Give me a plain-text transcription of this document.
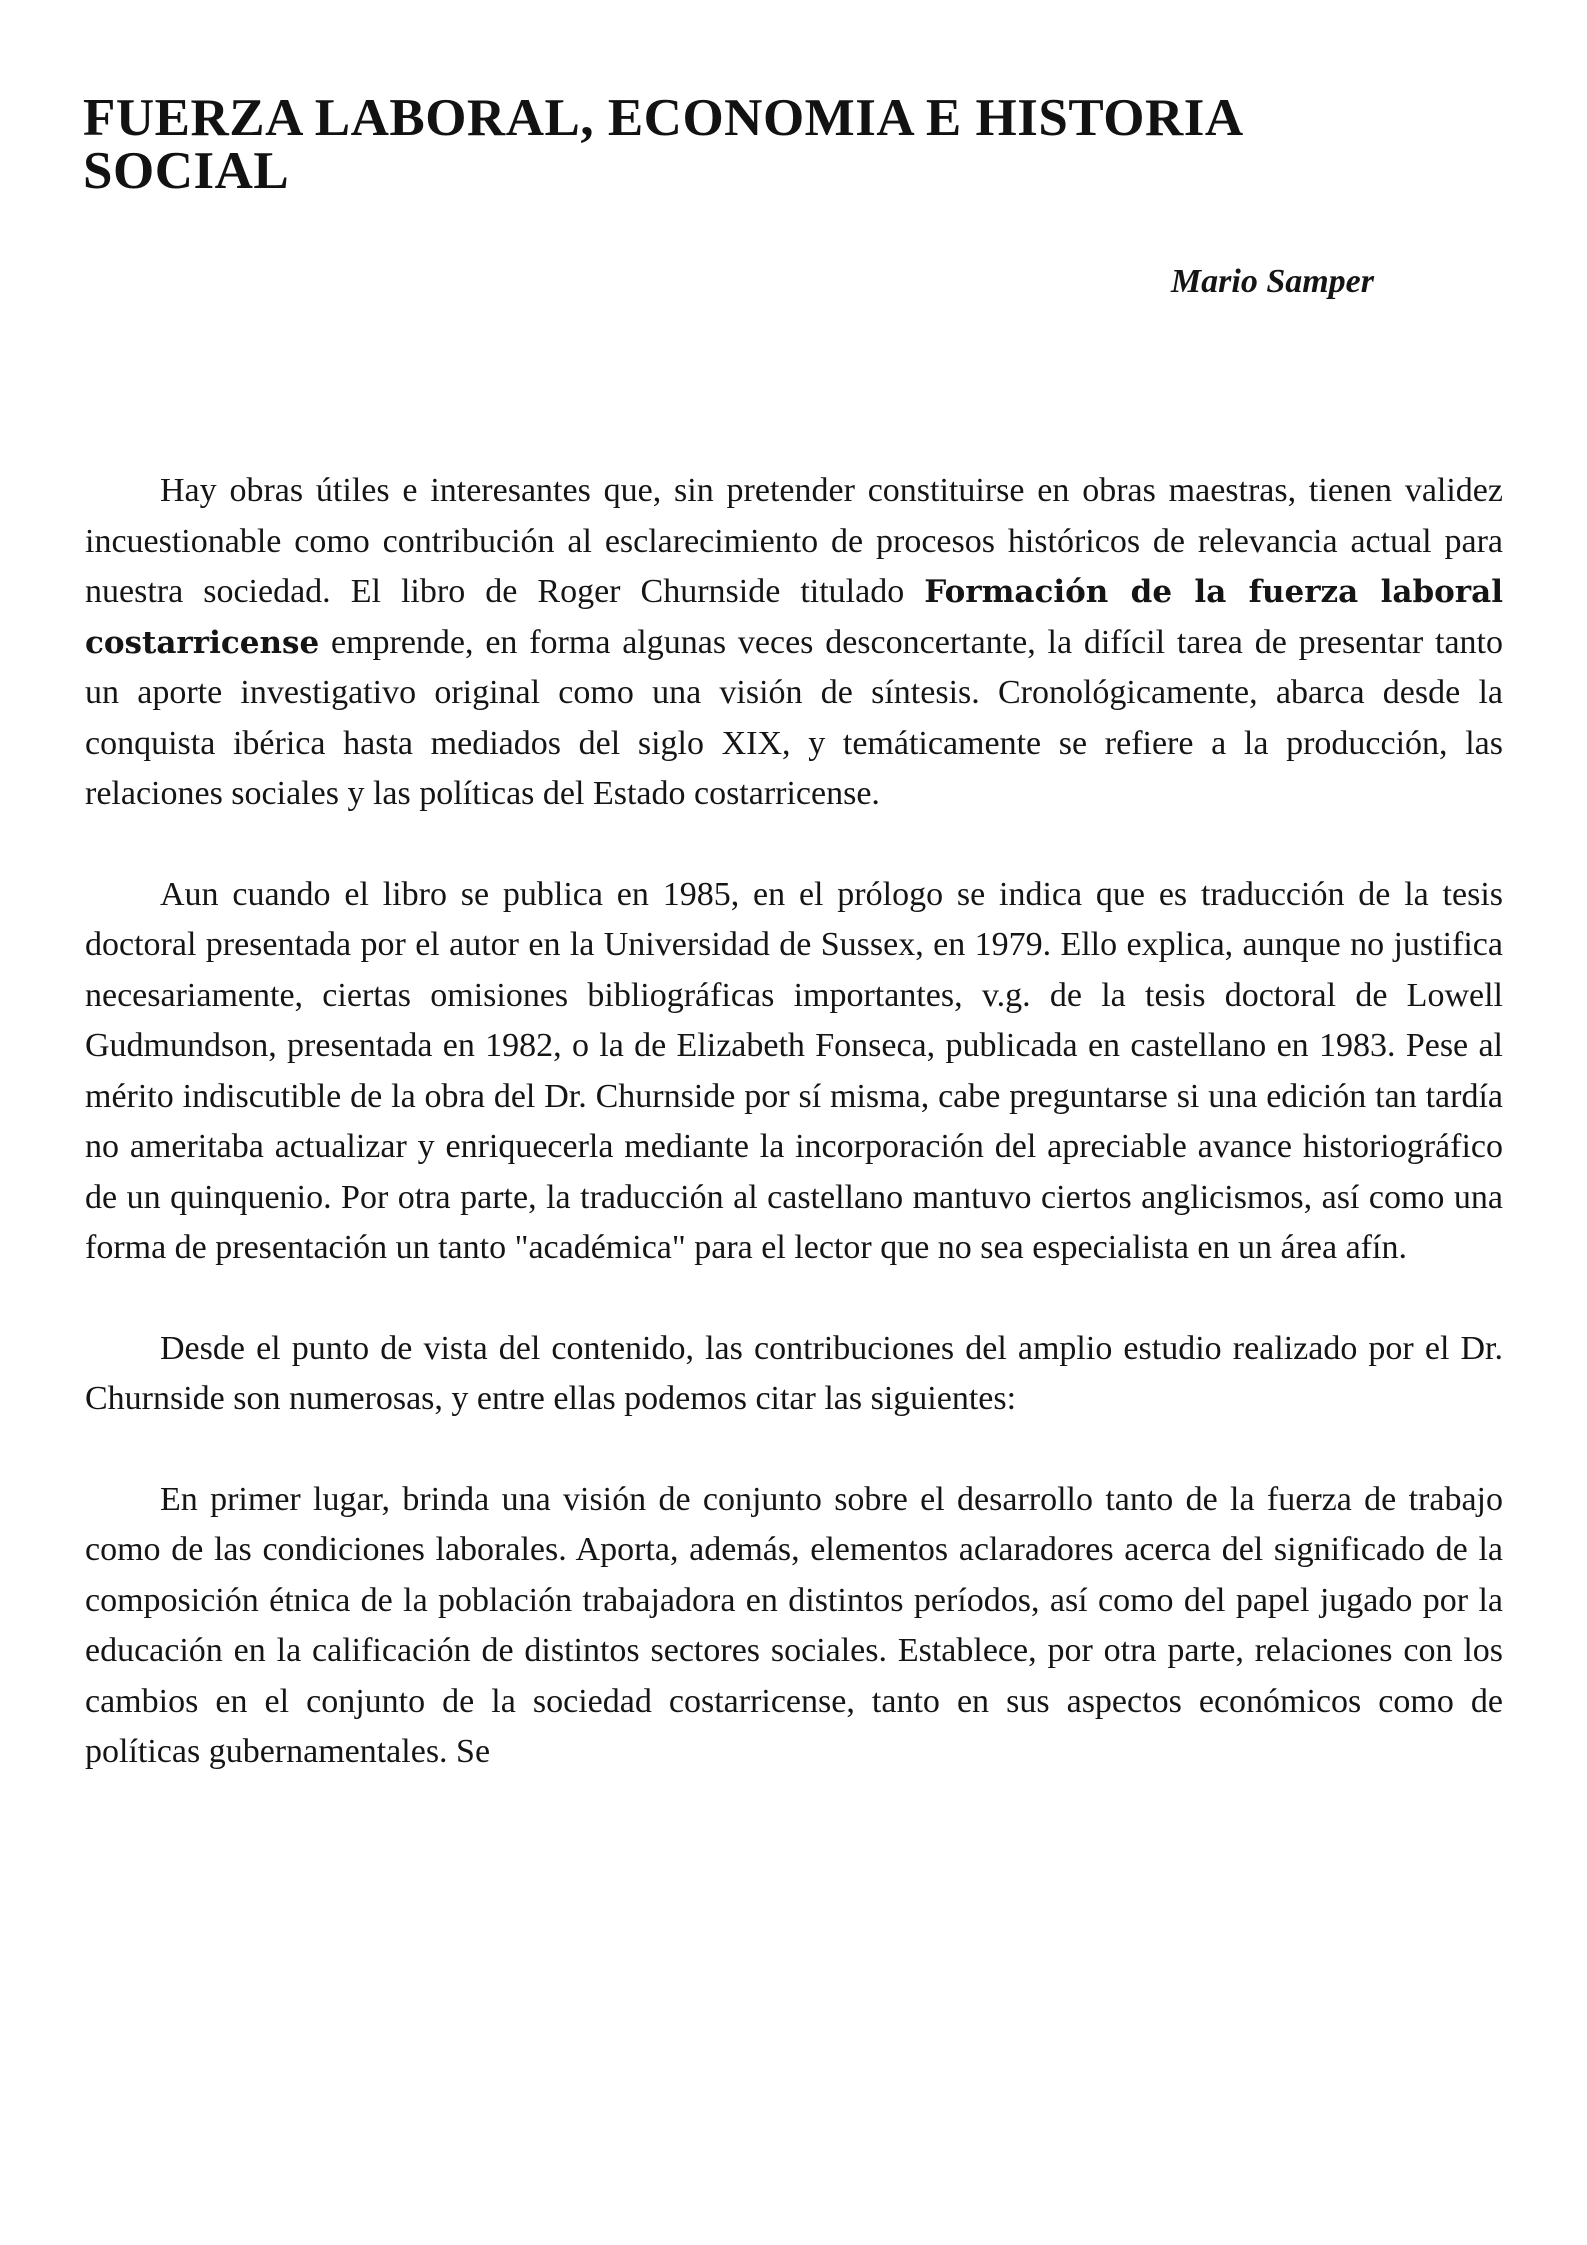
FUERZA LABORAL, ECONOMIA E HISTORIA
SOCIAL
Mario Samper

Hay obras útiles e interesantes que, sin pretender constituirse en obras maestras, tienen validez incuestionable como contribución al esclarecimiento de procesos históricos de relevancia actual para nuestra sociedad. El libro de Roger Churnside titulado Formación de la fuerza laboral costarricense emprende, en forma algunas veces desconcertante, la difícil tarea de presentar tanto un aporte investigativo original como una visión de síntesis. Cronológicamente, abarca desde la conquista ibérica hasta mediados del siglo XIX, y temáticamente se refiere a la producción, las relaciones sociales y las políticas del Estado costarricense.

Aun cuando el libro se publica en 1985, en el prólogo se indica que es traducción de la tesis doctoral presentada por el autor en la Universidad de Sussex, en 1979. Ello explica, aunque no justifica necesariamente, ciertas omisiones bibliográficas importantes, v.g. de la tesis doctoral de Lowell Gudmundson, presentada en 1982, o la de Elizabeth Fonseca, publicada en castellano en 1983. Pese al mérito indiscutible de la obra del Dr. Churnside por sí misma, cabe preguntarse si una edición tan tardía no ameritaba actualizar y enriquecerla mediante la incorporación del apreciable avance historiográfico de un quinquenio. Por otra parte, la traducción al castellano mantuvo ciertos anglicismos, así como una forma de presentación un tanto "académica" para el lector que no sea especialista en un área afín.

Desde el punto de vista del contenido, las contribuciones del amplio estudio realizado por el Dr. Churnside son numerosas, y entre ellas podemos citar las siguientes:

En primer lugar, brinda una visión de conjunto sobre el desarrollo tanto de la fuerza de trabajo como de las condiciones laborales. Aporta, además, elementos aclaradores acerca del significado de la composición étnica de la población trabajadora en distintos períodos, así como del papel jugado por la educación en la calificación de distintos sectores sociales. Establece, por otra parte, relaciones con los cambios en el conjunto de la sociedad costarricense, tanto en sus aspectos económicos como de políticas gubernamentales. Se
